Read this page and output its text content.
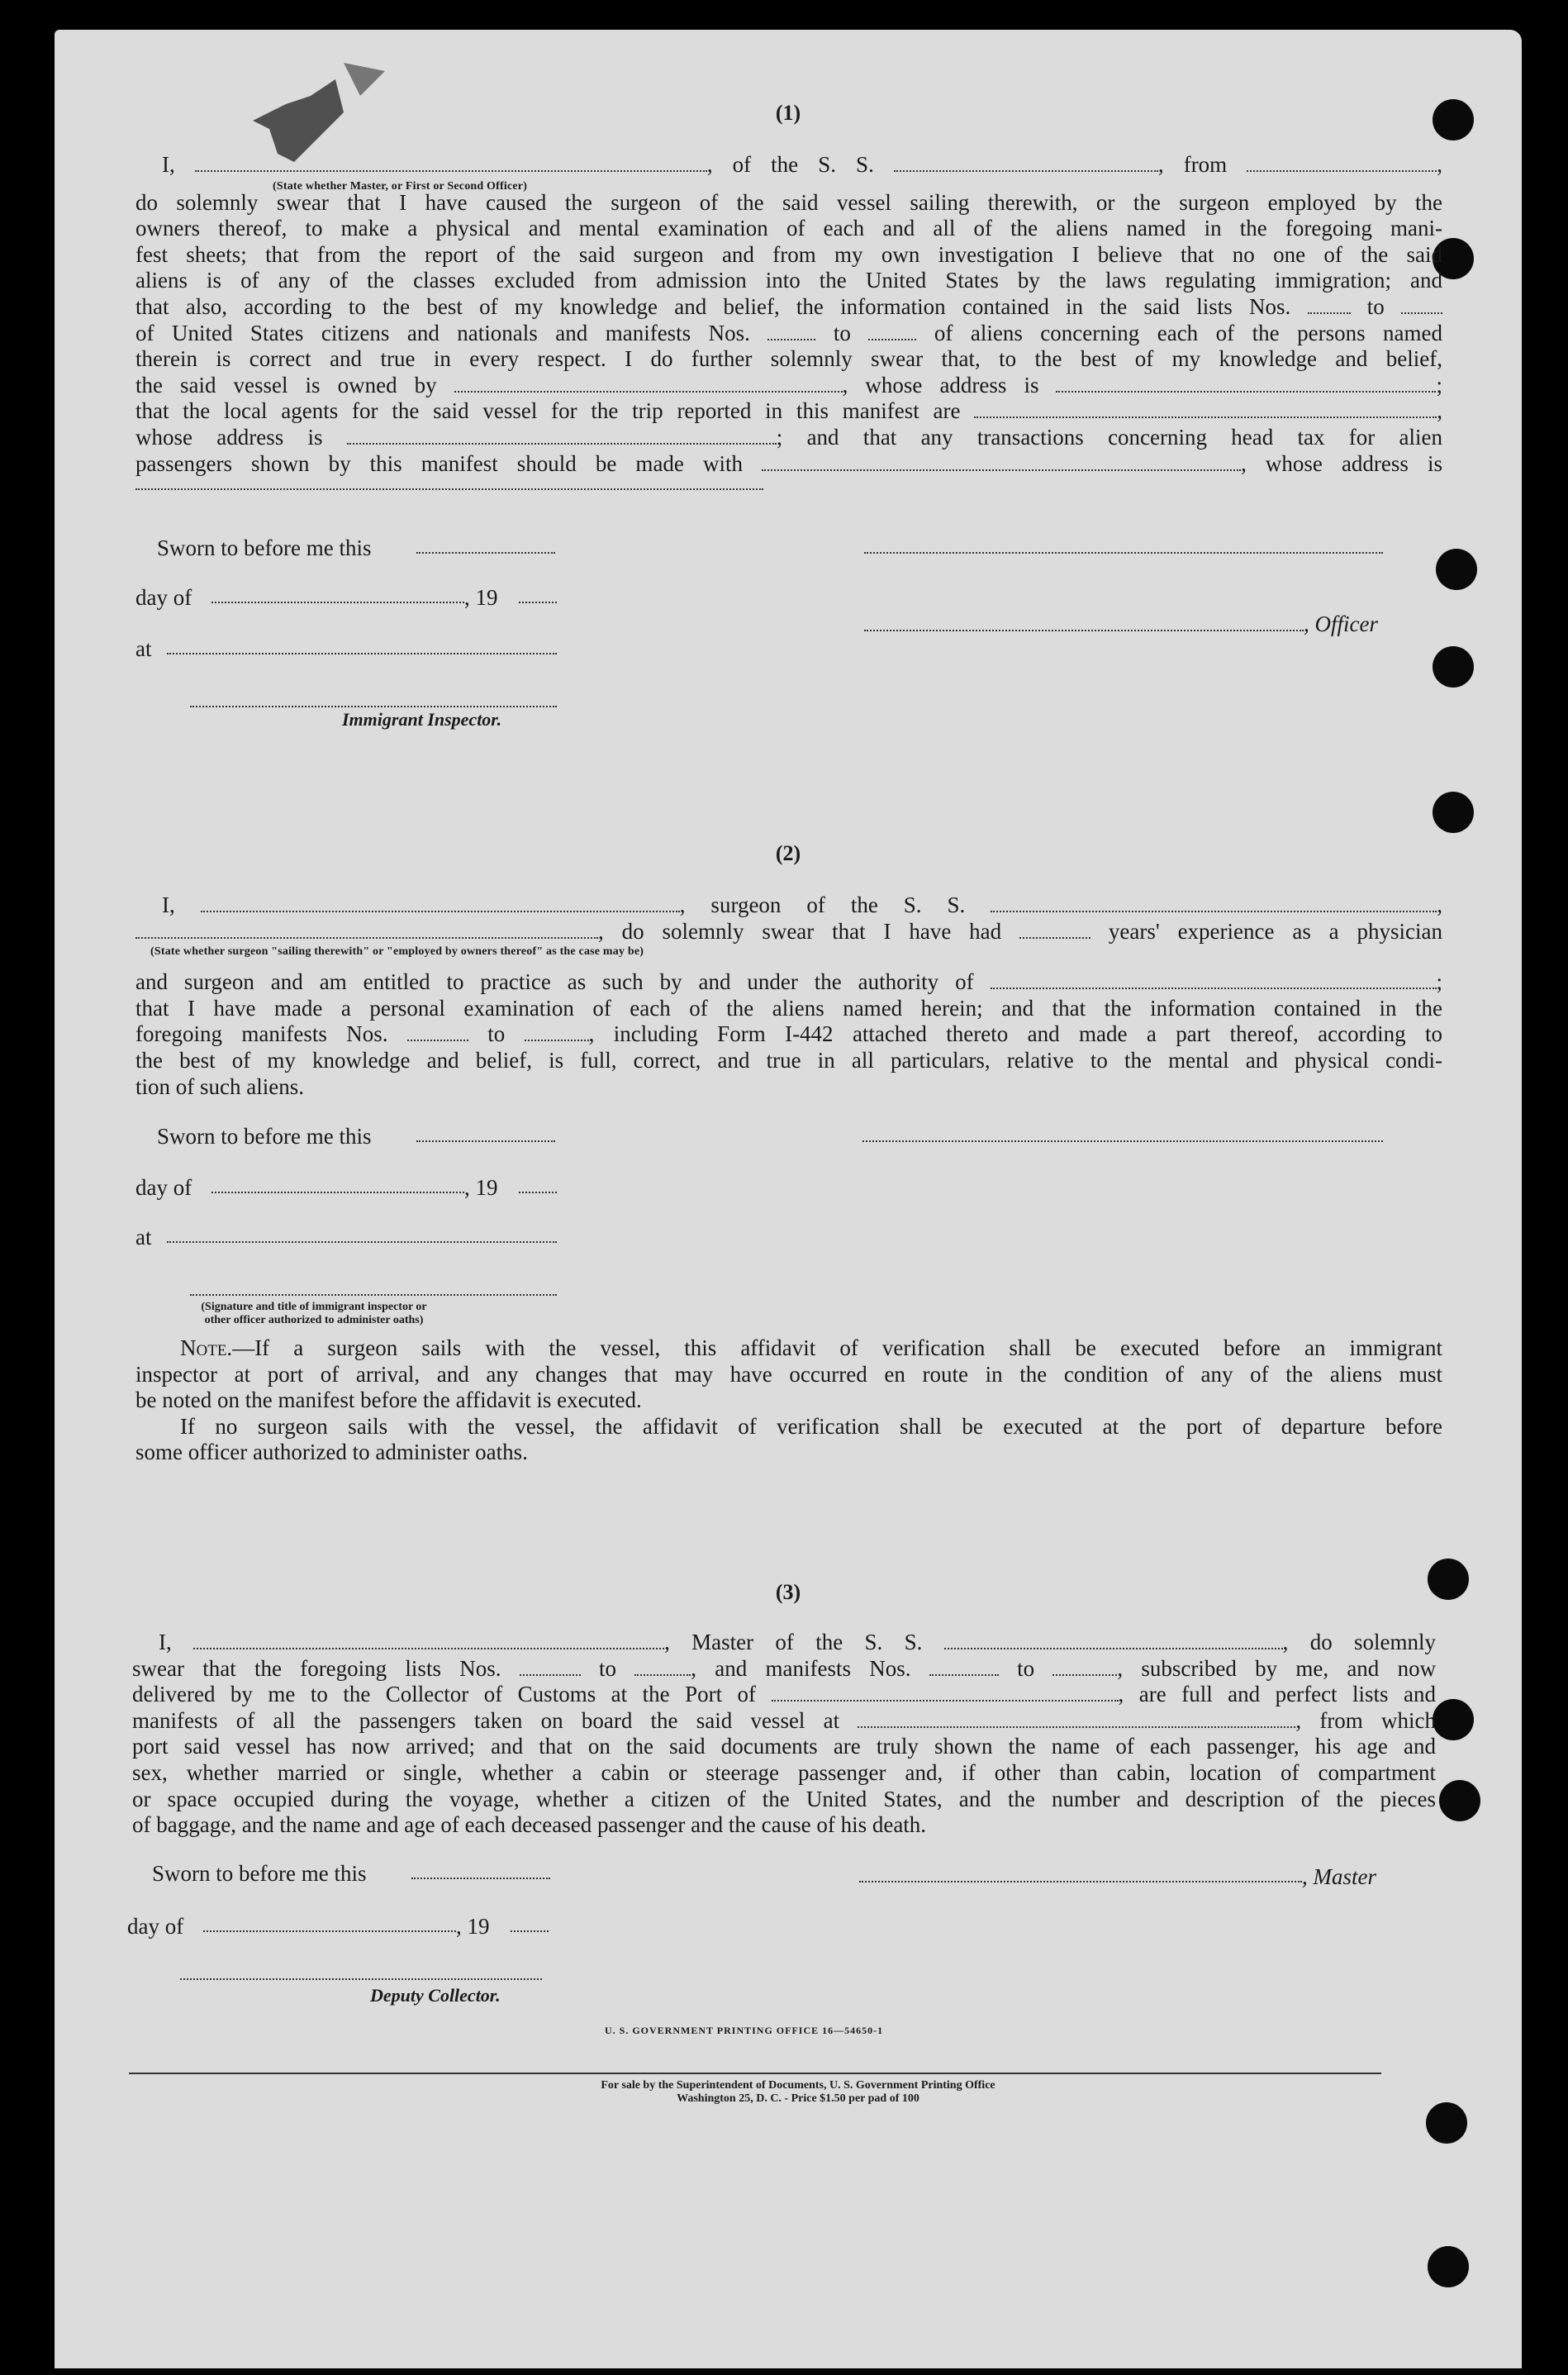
(1)

I,	, of the S. S.	, from	,

(State whether Master, or First or Second Officer)

do solemnly swear that I have caused the surgeon of the said vessel sailing therewith, or the surgeon employed by the

owners thereof, to make a physical and mental examination of each and all of the aliens named in the foregoing mani-

fest sheets; that from the report of the said surgeon and from my own investigation I believe that no one of the said

aliens is of any of the classes excluded from admission into the United States by the laws regulating immigration; and

that also, according to the best of my knowledge and belief, the information contained in the said lists Nos.	to

of United States citizens and nationals and manifests Nos.	to	of aliens concerning each of the persons named

therein is correct and true in every respect. I do further solemnly swear that, to the best of my knowledge and belief,

the said vessel is owned by	, whose address is	;

that the local agents for the said vessel for the trip reported in this manifest are	,

whose address is	; and that any transactions concerning head tax for alien

passengers shown by this manifest should be made with	, whose address is

Sworn to before me this
day of	, 19
, Officer
at
Immigrant Inspector.
(2)

I,	, surgeon of the S. S.	,

, do solemnly swear that I have had	years' experience as a physician

(State whether surgeon "sailing therewith" or "employed by owners thereof" as the case may be)

and surgeon and am entitled to practice as such by and under the authority of	;

that I have made a personal examination of each of the aliens named herein; and that the information contained in the

foregoing manifests Nos.	to	, including Form I-442 attached thereto and made a part thereof, according to

the best of my knowledge and belief, is full, correct, and true in all particulars, relative to the mental and physical condi-

tion of such aliens.

Sworn to before me this
day of	, 19
at
(Signature and title of immigrant inspector or
other officer authorized to administer oaths)

Note.—If a surgeon sails with the vessel, this affidavit of verification shall be executed before an immigrant

inspector at port of arrival, and any changes that may have occurred en route in the condition of any of the aliens must

be noted on the manifest before the affidavit is executed.

If no surgeon sails with the vessel, the affidavit of verification shall be executed at the port of departure before

some officer authorized to administer oaths.

(3)

I,	, Master of the S. S.	, do solemnly

swear that the foregoing lists Nos.	to	, and manifests Nos.	to	, subscribed by me, and now

delivered by me to the Collector of Customs at the Port of	, are full and perfect lists and

manifests of all the passengers taken on board the said vessel at	, from which

port said vessel has now arrived; and that on the said documents are truly shown the name of each passenger, his age and

sex, whether married or single, whether a cabin or steerage passenger and, if other than cabin, location of compartment

or space occupied during the voyage, whether a citizen of the United States, and the number and description of the pieces

of baggage, and the name and age of each deceased passenger and the cause of his death.

Sworn to before me this	, Master
day of	, 19
Deputy Collector.
U. S. GOVERNMENT PRINTING OFFICE 16—54650-1
For sale by the Superintendent of Documents, U. S. Government Printing Office
Washington 25, D. C. - Price $1.50 per pad of 100
